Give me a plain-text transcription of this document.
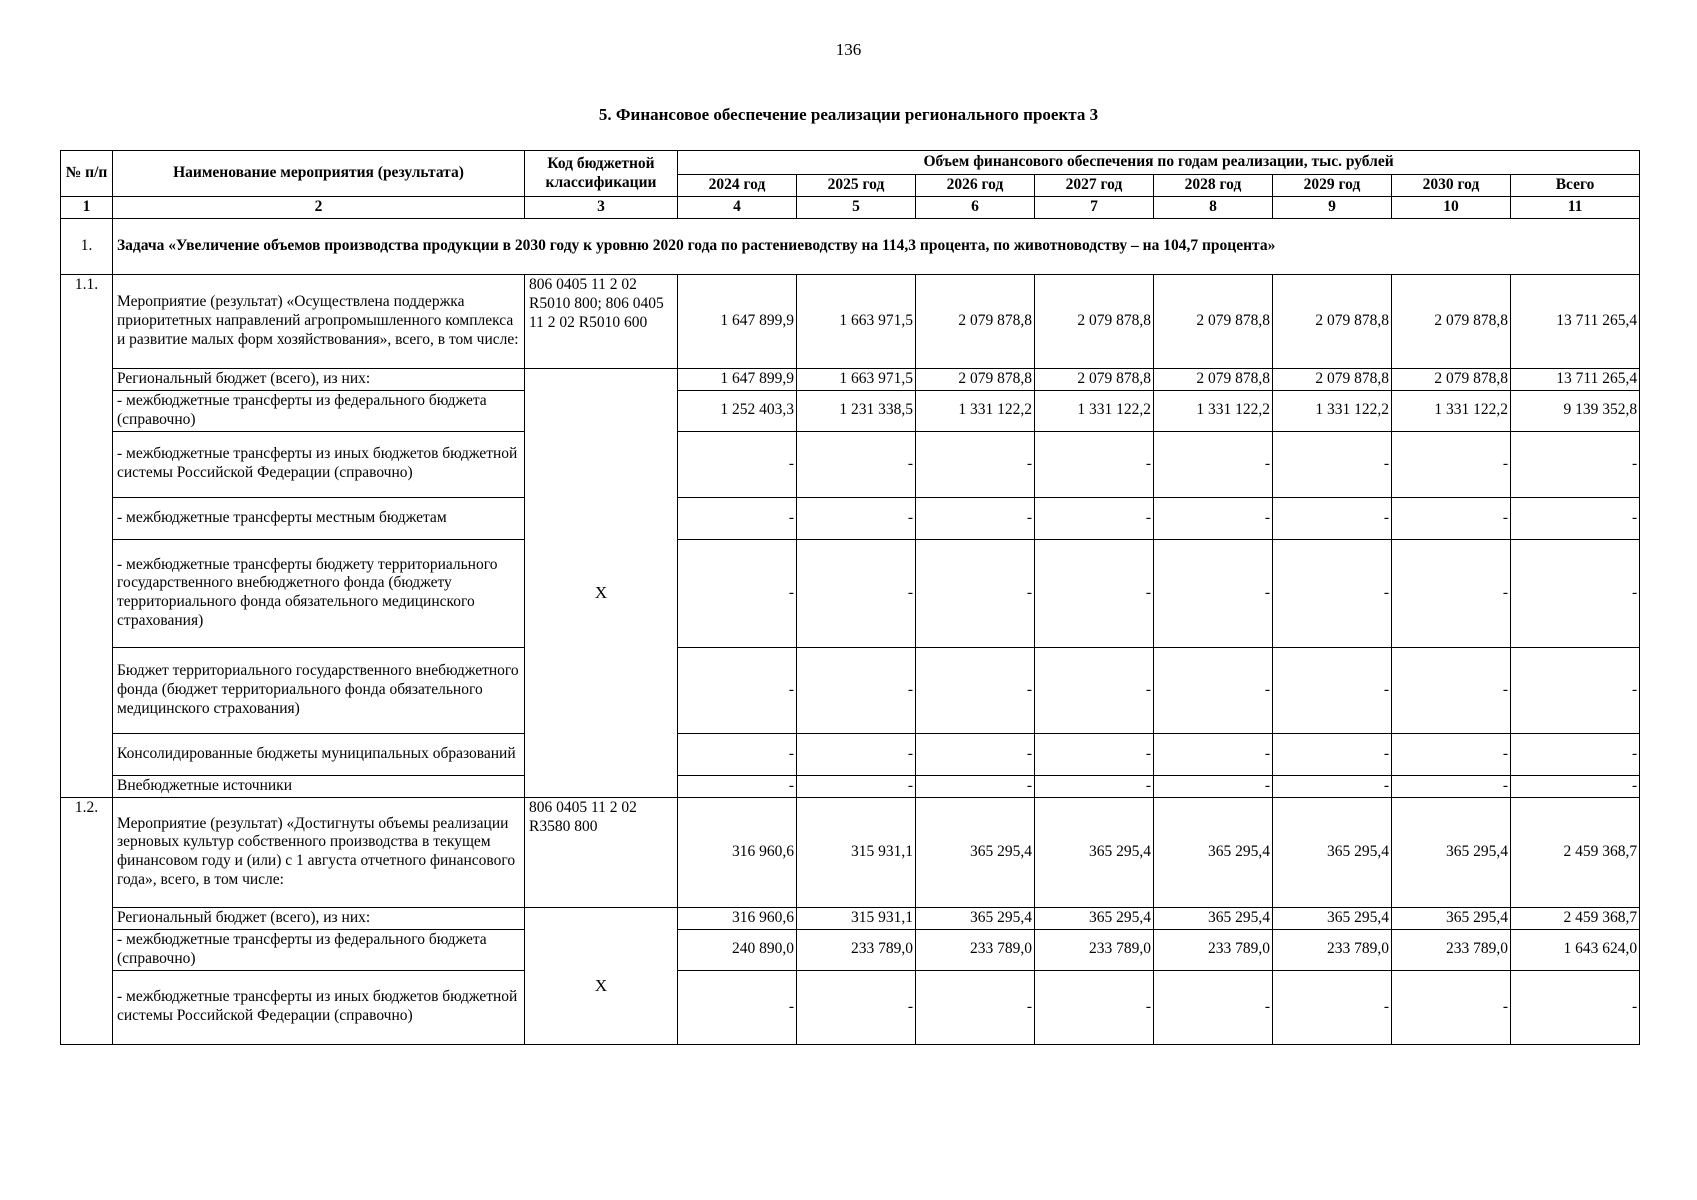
136
5. Финансовое обеспечение реализации регионального проекта 3
№ п/п	Наименование мероприятия (результата)	Код бюджетной классификации	Объем финансового обеспечения по годам реализации, тыс. рублей							
			2024 год	2025 год	2026 год	2027 год	2028 год	2029 год	2030 год	Всего
1	2	3	4	5	6	7	8	9	10	11
1.	Задача «Увеличение объемов производства продукции в 2030 году к уровню 2020 года по растениеводству на 114,3 процента, по животноводству – на 104,7 процента»									
1.1.	Мероприятие (результат) «Осуществлена поддержка приоритетных направлений агропромышленного комплекса и развитие малых форм хозяйствования», всего, в том числе:	806 0405 11 2 02 R5010 800; 806 0405 11 2 02 R5010 600	1 647 899,9	1 663 971,5	2 079 878,8	2 079 878,8	2 079 878,8	2 079 878,8	2 079 878,8	13 711 265,4
	Региональный бюджет (всего), из них:		1 647 899,9	1 663 971,5	2 079 878,8	2 079 878,8	2 079 878,8	2 079 878,8	2 079 878,8	13 711 265,4
	- межбюджетные трансферты из федерального бюджета (справочно)	Х	1 252 403,3	1 231 338,5	1 331 122,2	1 331 122,2	1 331 122,2	1 331 122,2	1 331 122,2	9 139 352,8
	- межбюджетные трансферты из иных бюджетов бюджетной системы Российской Федерации (справочно)		-	-	-	-	-	-	-	-
	- межбюджетные трансферты местным бюджетам		-	-	-	-	-	-	-	-
	- межбюджетные трансферты бюджету территориального государственного внебюджетного фонда (бюджету территориального фонда обязательного медицинского страхования)		-	-	-	-	-	-	-	-
	Бюджет территориального государственного внебюджетного фонда (бюджет территориального фонда обязательного медицинского страхования)		-	-	-	-	-	-	-	-
	Консолидированные бюджеты муниципальных образований		-	-	-	-	-	-	-	-
	Внебюджетные источники		-	-	-	-	-	-	-	-
1.2.	Мероприятие (результат) «Достигнуты объемы реализации зерновых культур собственного производства в текущем финансовом году и (или) с 1 августа отчетного финансового года», всего, в том числе:	806 0405 11 2 02 R3580 800	316 960,6	315 931,1	365 295,4	365 295,4	365 295,4	365 295,4	365 295,4	2 459 368,7
	Региональный бюджет (всего), из них:		316 960,6	315 931,1	365 295,4	365 295,4	365 295,4	365 295,4	365 295,4	2 459 368,7
	- межбюджетные трансферты из федерального бюджета (справочно)	Х	240 890,0	233 789,0	233 789,0	233 789,0	233 789,0	233 789,0	233 789,0	1 643 624,0
	- межбюджетные трансферты из иных бюджетов бюджетной системы Российской Федерации (справочно)		-	-	-	-	-	-	-	-
